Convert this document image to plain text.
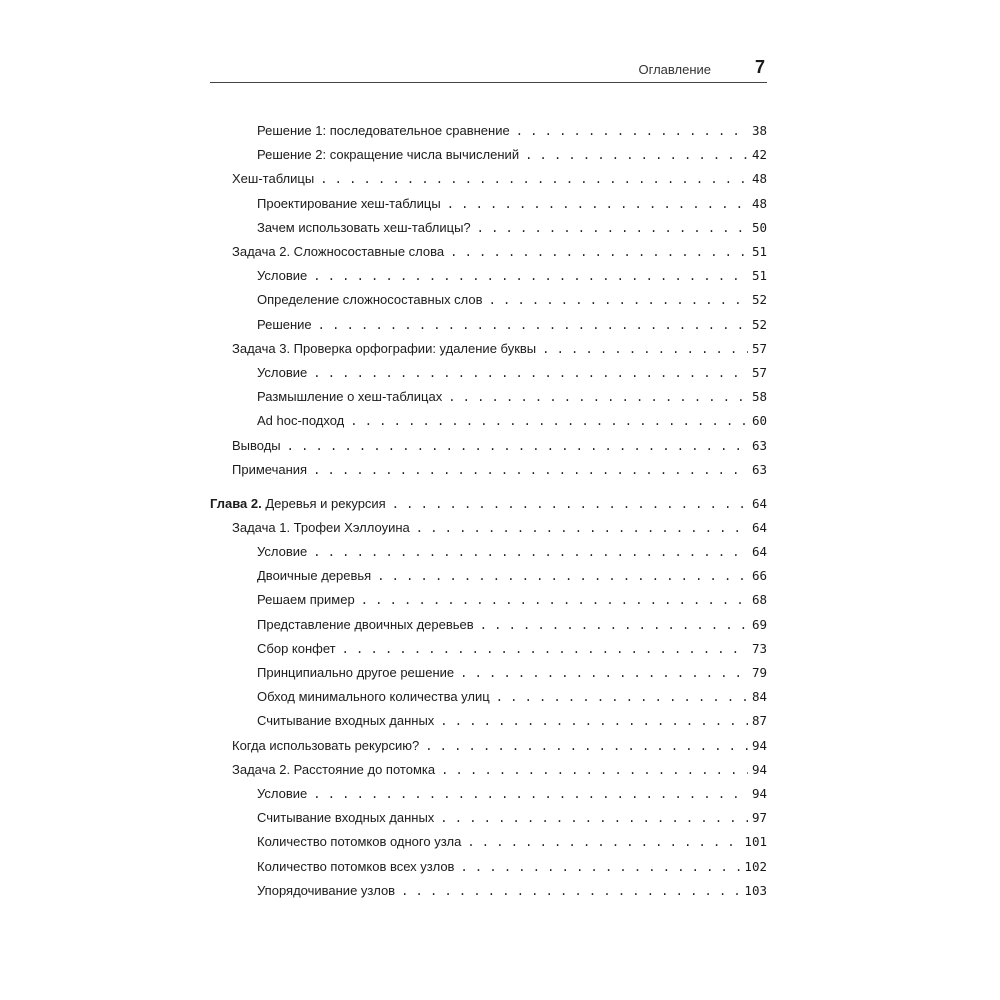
Оглавление 7
Решение 1: последовательное сравнение . . .	38
Решение 2: сокращение числа вычислений . . .	42
Хеш-таблицы . . .	48
Проектирование хеш-таблицы . . .	48
Зачем использовать хеш-таблицы? . . .	50
Задача 2. Сложносоставные слова . . .	51
Условие . . .	51
Определение сложносоставных слов . . .	52
Решение . . .	52
Задача 3. Проверка орфографии: удаление буквы . . .	57
Условие . . .	57
Размышление о хеш-таблицах . . .	58
Ad hoc-подход . . .	60
Выводы . . .	63
Примечания . . .	63
Глава 2. Деревья и рекурсия . . .	64
Задача 1. Трофеи Хэллоуина . . .	64
Условие . . .	64
Двоичные деревья . . .	66
Решаем пример . . .	68
Представление двоичных деревьев . . .	69
Сбор конфет . . .	73
Принципиально другое решение . . .	79
Обход минимального количества улиц . . .	84
Считывание входных данных . . .	87
Когда использовать рекурсию? . . .	94
Задача 2. Расстояние до потомка . . .	94
Условие . . .	94
Считывание входных данных . . .	97
Количество потомков одного узла . . .	101
Количество потомков всех узлов . . .	102
Упорядочивание узлов . . .	103
